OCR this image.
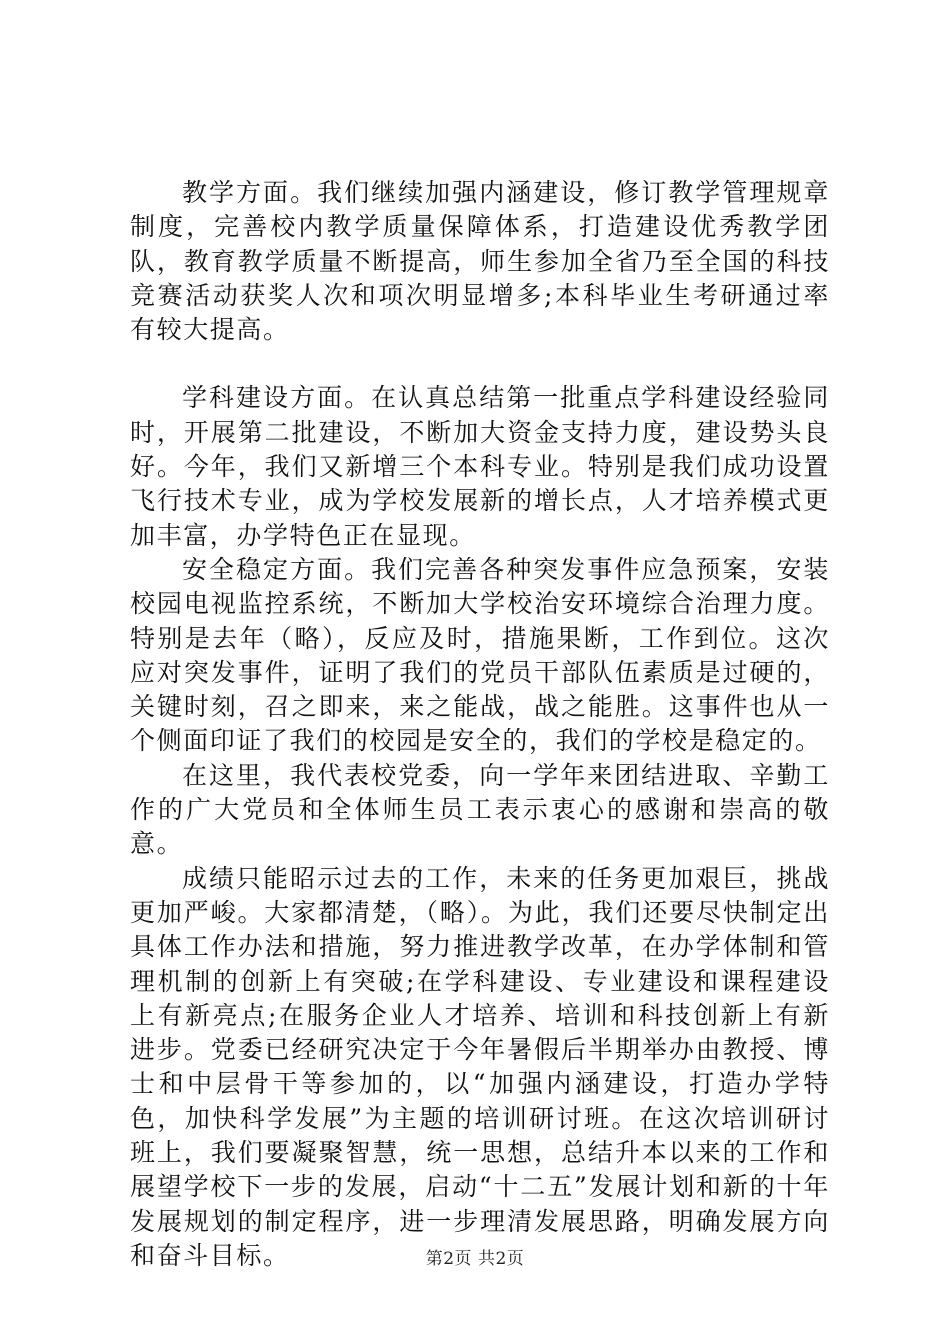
教学方面。我们继续加强内涵建设，修订教学管理规章制度，完善校内教学质量保障体系，打造建设优秀教学团队，教育教学质量不断提高，师生参加全省乃至全国的科技竞赛活动获奖人次和项次明显增多;本科毕业生考研通过率有较大提高。

学科建设方面。在认真总结第一批重点学科建设经验同时，开展第二批建设，不断加大资金支持力度，建设势头良好。今年，我们又新增三个本科专业。特别是我们成功设置飞行技术专业，成为学校发展新的增长点，人才培养模式更加丰富，办学特色正在显现。

安全稳定方面。我们完善各种突发事件应急预案，安装校园电视监控系统，不断加大学校治安环境综合治理力度。特别是去年（略），反应及时，措施果断，工作到位。这次应对突发事件，证明了我们的党员干部队伍素质是过硬的，关键时刻，召之即来，来之能战，战之能胜。这事件也从一个侧面印证了我们的校园是安全的，我们的学校是稳定的。

在这里，我代表校党委，向一学年来团结进取、辛勤工作的广大党员和全体师生员工表示衷心的感谢和崇高的敬意。

成绩只能昭示过去的工作，未来的任务更加艰巨，挑战更加严峻。大家都清楚，（略）。为此，我们还要尽快制定出具体工作办法和措施，努力推进教学改革，在办学体制和管理机制的创新上有突破;在学科建设、专业建设和课程建设上有新亮点;在服务企业人才培养、培训和科技创新上有新进步。党委已经研究决定于今年暑假后半期举办由教授、博士和中层骨干等参加的，以“加强内涵建设，打造办学特色，加快科学发展”为主题的培训研讨班。在这次培训研讨班上，我们要凝聚智慧，统一思想，总结升本以来的工作和展望学校下一步的发展，启动“十二五”发展计划和新的十年发展规划的制定程序，进一步理清发展思路，明确发展方向和奋斗目标。	第2页 共2页
